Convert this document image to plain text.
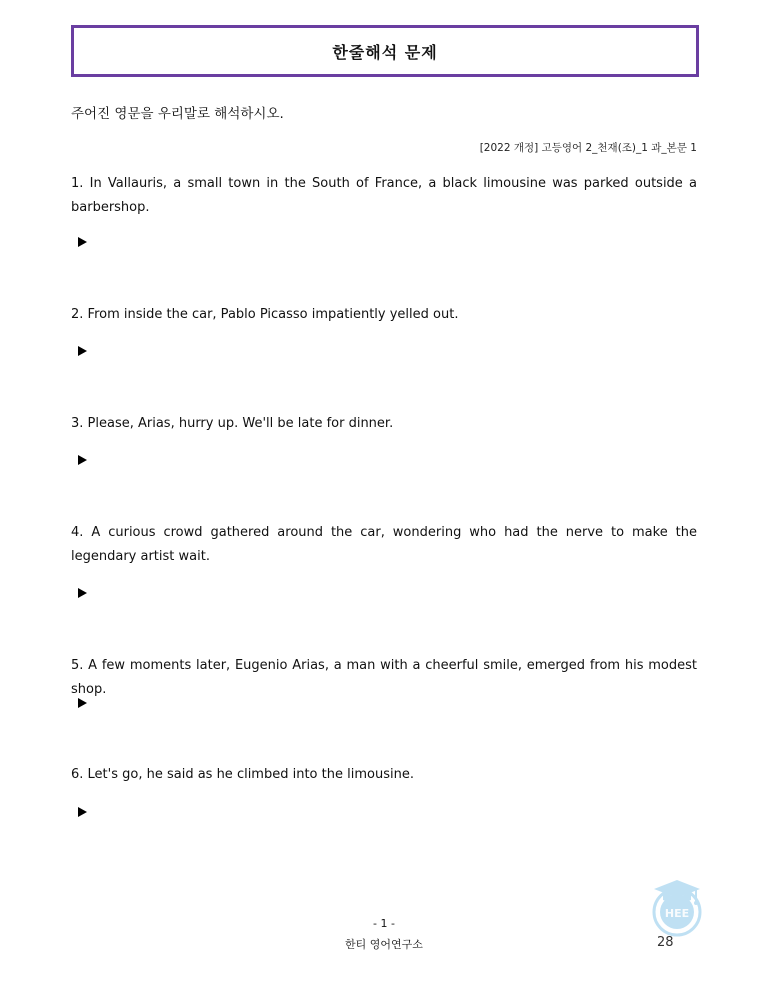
한줄해석 문제
주어진 영문을 우리말로 해석하시오.
[2022 개정] 고등영어 2_천재(조)_1 과_본문 1
1. In Vallauris, a small town in the South of France, a black limousine was parked outside a barbershop.
2. From inside the car, Pablo Picasso impatiently yelled out.
3. Please, Arias, hurry up. We'll be late for dinner.
4. A curious crowd gathered around the car, wondering who had the nerve to make the legendary artist wait.
5. A few moments later, Eugenio Arias, a man with a cheerful smile, emerged from his modest shop.
6. Let's go, he said as he climbed into the limousine.
- 1 -
한티 영어연구소
HEE
28
